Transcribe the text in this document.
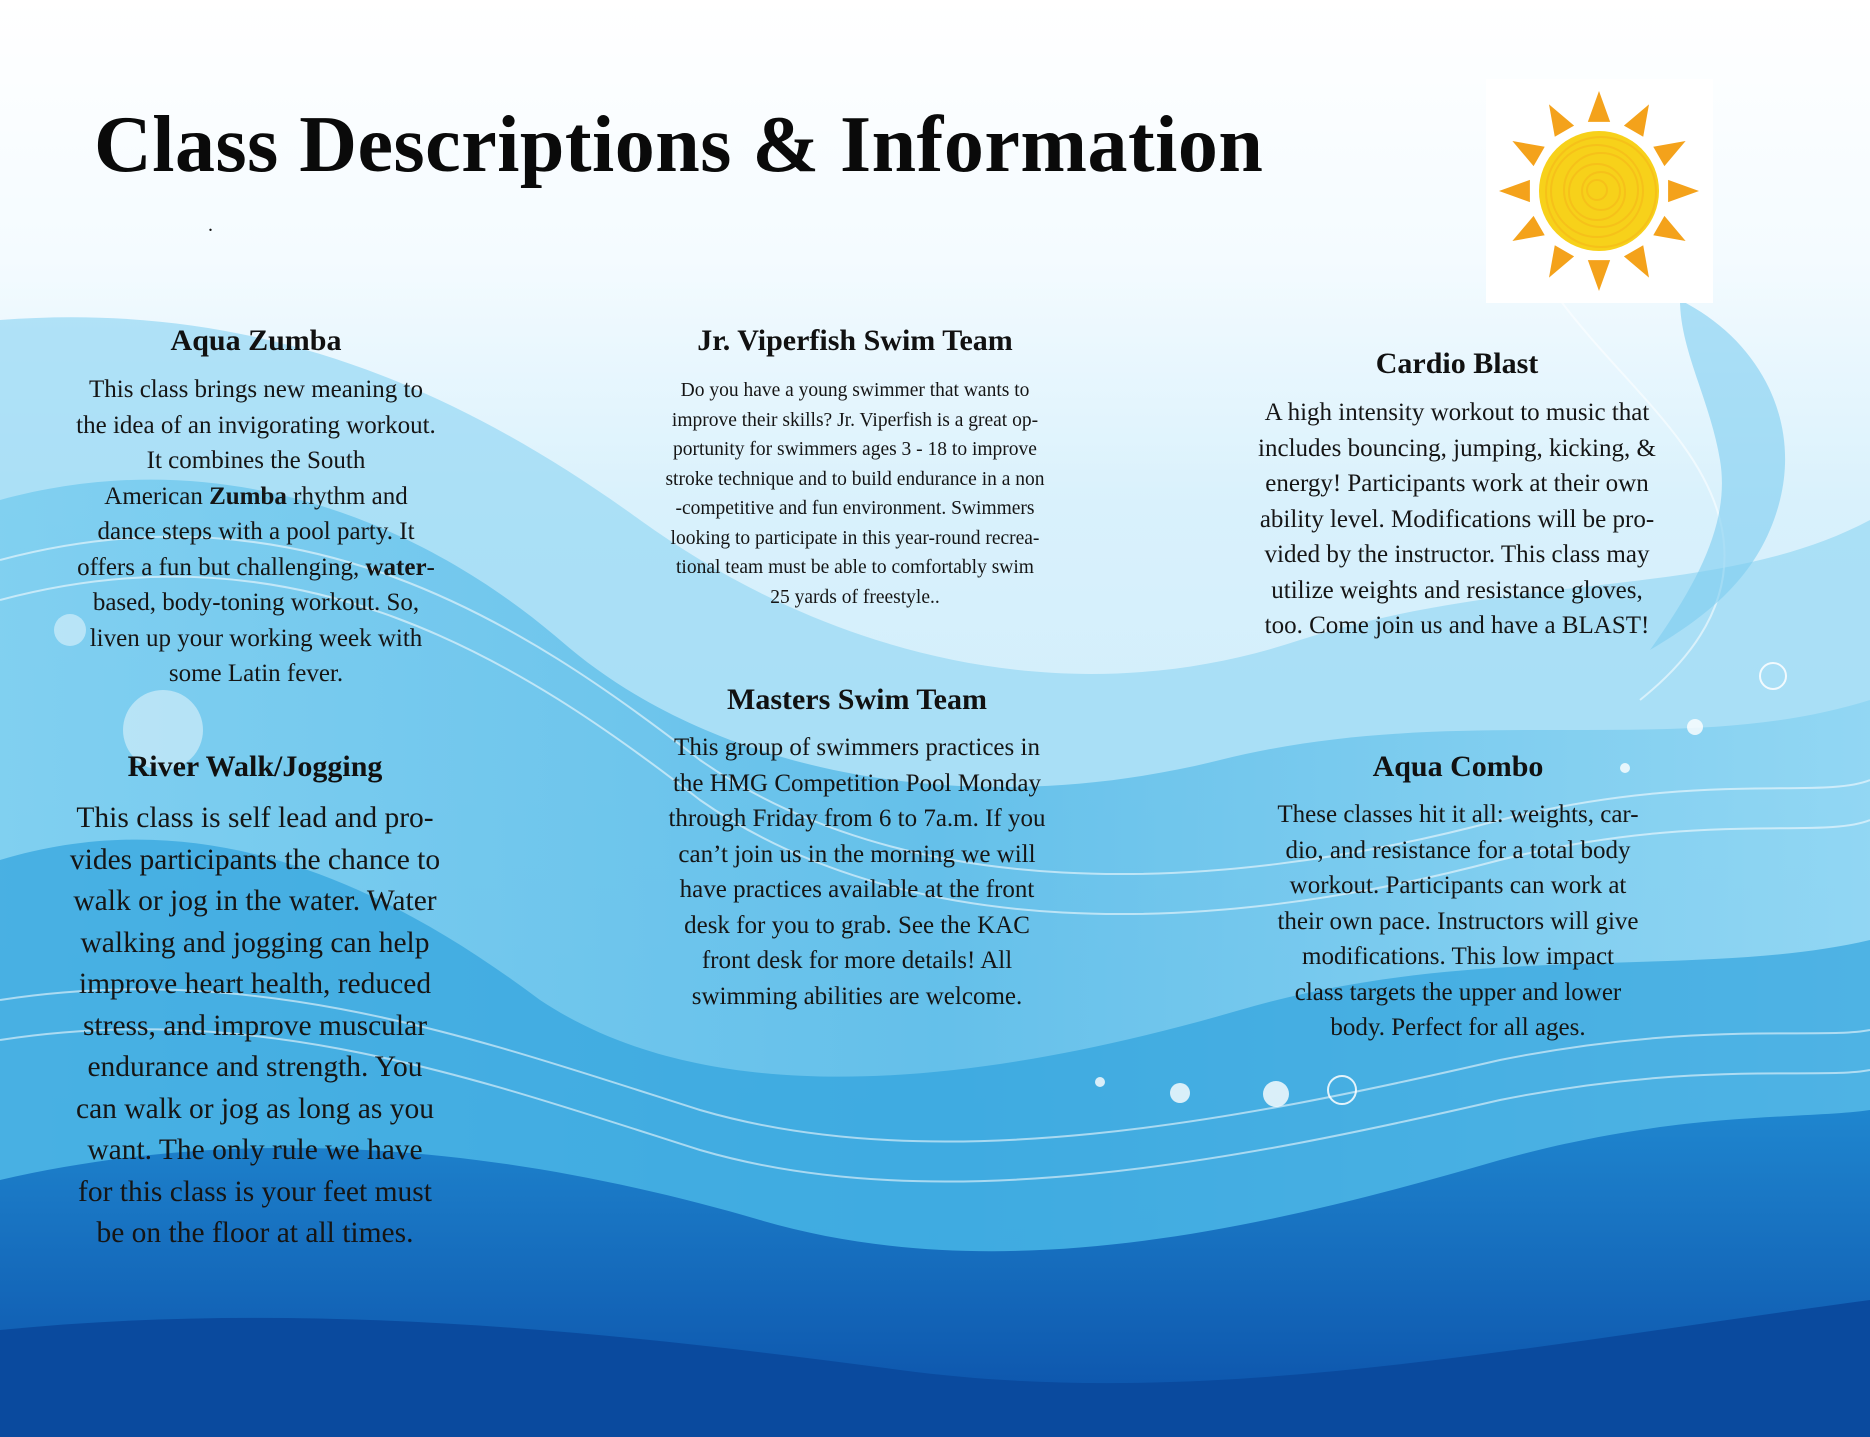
Class Descriptions & Information
.
Aqua Zumba

This class brings new meaning to
the idea of an invigorating workout.
It combines the South
American Zumba rhythm and
dance steps with a pool party. It
offers a fun but challenging, water-
based, body-toning workout. So,
liven up your working week with
some Latin fever.

River Walk/Jogging

This class is self lead and pro-
vides participants the chance to
walk or jog in the water. Water
walking and jogging can help
improve heart health, reduced
stress, and improve muscular
endurance and strength. You
can walk or jog as long as you
want. The only rule we have
for this class is your feet must
be on the floor at all times.

Jr. Viperfish Swim Team

Do you have a young swimmer that wants to
improve their skills? Jr. Viperfish is a great op-
portunity for swimmers ages 3 - 18 to improve
stroke technique and to build endurance in a non
-competitive and fun environment. Swimmers
looking to participate in this year-round recrea-
tional team must be able to comfortably swim
25 yards of freestyle..

Masters Swim Team

This group of swimmers practices in
the HMG Competition Pool Monday
through Friday from 6 to 7a.m. If you
can’t join us in the morning we will
have practices available at the front
desk for you to grab. See the KAC
front desk for more details! All
swimming abilities are welcome.

Cardio Blast

A high intensity workout to music that
includes bouncing, jumping, kicking, &
energy! Participants work at their own
ability level. Modifications will be pro-
vided by the instructor. This class may
utilize weights and resistance gloves,
too. Come join us and have a BLAST!

Aqua Combo

These classes hit it all: weights, car-
dio, and resistance for a total body
workout. Participants can work at
their own pace. Instructors will give
modifications. This low impact
class targets the upper and lower
body. Perfect for all ages.
